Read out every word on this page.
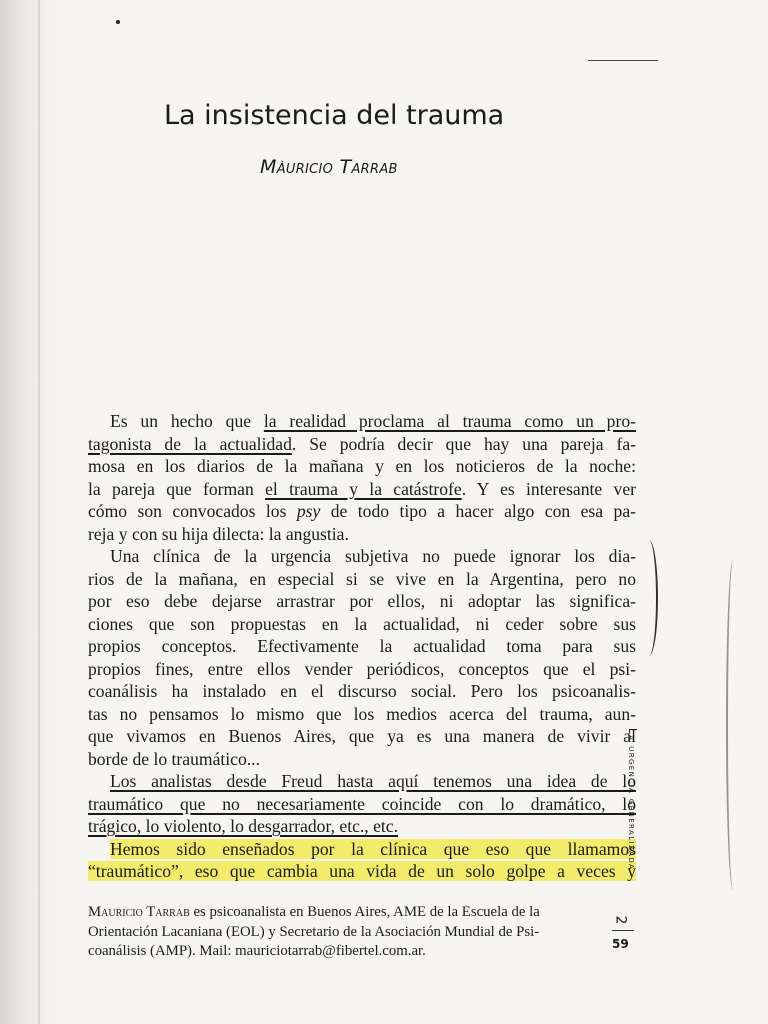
La insistencia del trauma
Màuricio Tarrab
Es un hecho que la realidad proclama al trauma como un pro-
tagonista de la actualidad. Se podría decir que hay una pareja fa-
mosa en los diarios de la mañana y en los noticieros de la noche:
la pareja que forman el trauma y la catástrofe. Y es interesante ver
cómo son convocados los psy de todo tipo a hacer algo con esa pa-
reja y con su hija dilecta: la angustia.
Una clínica de la urgencia subjetiva no puede ignorar los dia-
rios de la mañana, en especial si se vive en la Argentina, pero no
por eso debe dejarse arrastrar por ellos, ni adoptar las significa-
ciones que son propuestas en la actualidad, ni ceder sobre sus
propios conceptos. Efectivamente la actualidad toma para sus
propios fines, entre ellos vender periódicos, conceptos que el psi-
coanálisis ha instalado en el discurso social. Pero los psicoanalis-
tas no pensamos lo mismo que los medios acerca del trauma, aun-
que vivamos en Buenos Aires, que ya es una manera de vivir al
borde de lo traumático...
Los analistas desde Freud hasta aquí tenemos una idea de lo
traumático que no necesariamente coincide con lo dramático, lo
trágico, lo violento, lo desgarrador, etc., etc.
Hemos sido enseñados por la clínica que eso que llamamos
“traumático”, eso que cambia una vida de un solo golpe a veces y
Mauricio Tarrab es psicoanalista en Buenos Aires, AME de la Escuela de la
Orientación Lacaniana (EOL) y Secretario de la Asociación Mundial de Psi-
coanálisis (AMP). Mail: mauriciotarrab@fibertel.com.ar.
La urgencia generalizada
2
59
